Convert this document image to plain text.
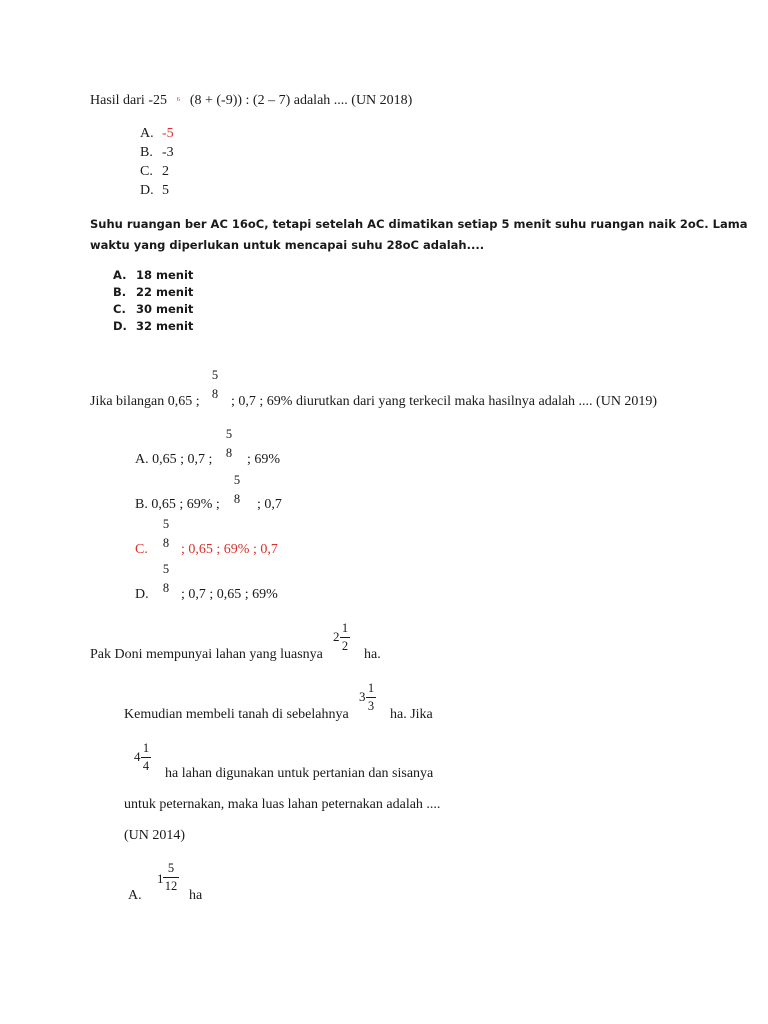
Hasil dari -25 ⁶ (8 + (-9)) : (2 – 7) adalah .... (UN 2018)
A. -5
B. -3
C. 2
D. 5
Suhu ruangan ber AC 16oC, tetapi setelah AC dimatikan setiap 5 menit suhu ruangan naik 2oC. Lama
waktu yang diperlukan untuk mencapai suhu 28oC adalah....
A. 18 menit
B. 22 menit
C. 30 menit
D. 32 menit
Jika bilangan 0,65 ;
5
8
; 0,7 ; 69% diurutkan dari yang terkecil maka hasilnya adalah .... (UN 2019)
A. 0,65 ; 0,7 ;
5
8 ; 69%
B. 0,65 ; 69% ;
5
8 ; 0,7
C.
5
8 ; 0,65 ; 69% ; 0,7
D.
5
8 ; 0,7 ; 0,65 ; 69%
Pak Doni mempunyai lahan yang luasnya
2
1
2
ha.
Kemudian membeli tanah di sebelahnya
3
1
3
ha. Jika
4
1
4
ha lahan digunakan untuk pertanian dan sisanya
untuk peternakan, maka luas lahan peternakan adalah ....
(UN 2014)
A.
1
5
12
ha
